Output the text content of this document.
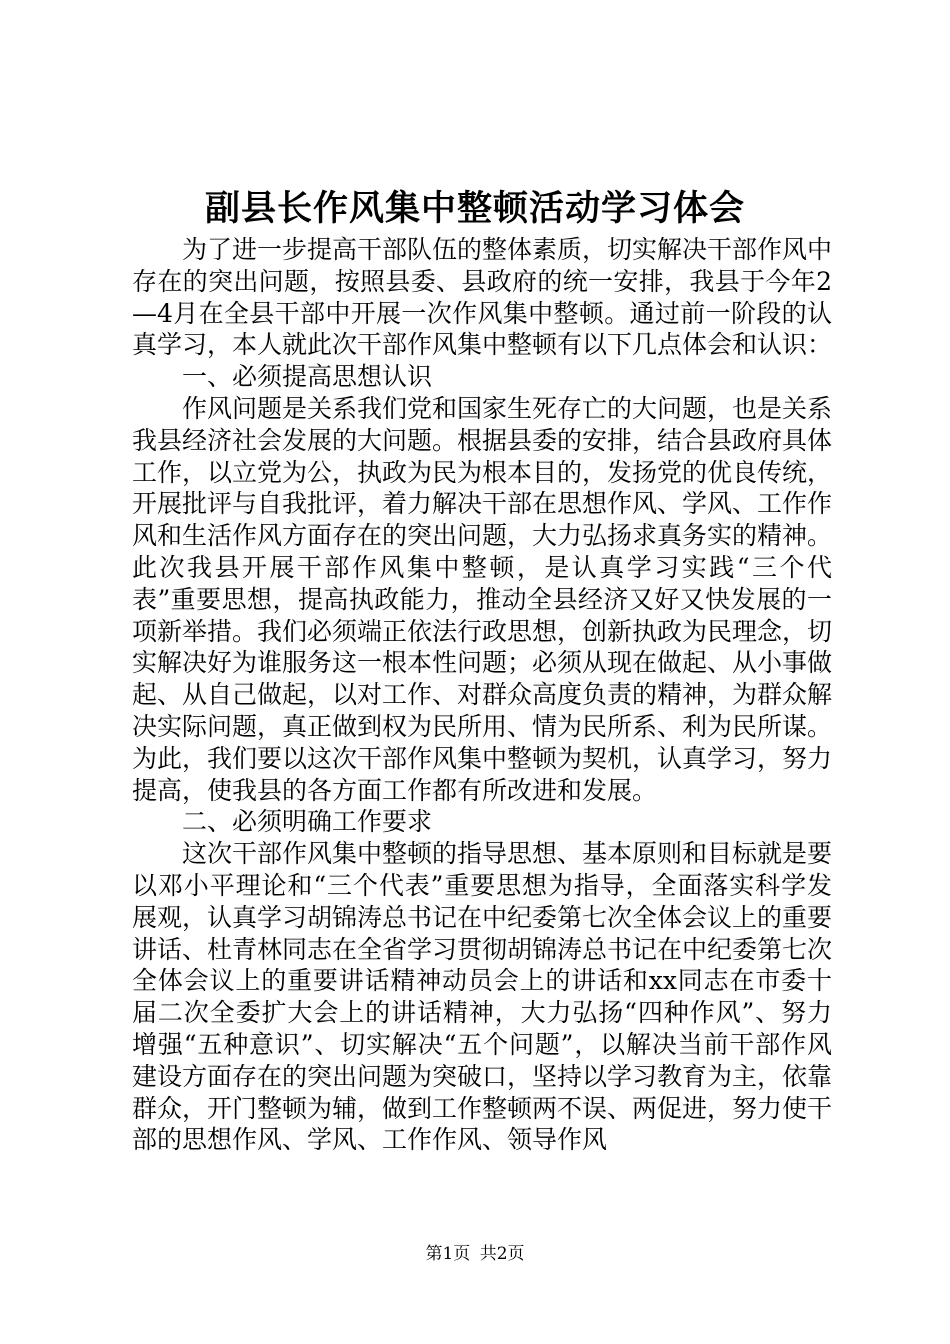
副县长作风集中整顿活动学习体会

为了进一步提高干部队伍的整体素质，切实解决干部作风中存在的突出问题，按照县委、县政府的统一安排，我县于今年2—4月在全县干部中开展一次作风集中整顿。通过前一阶段的认真学习，本人就此次干部作风集中整顿有以下几点体会和认识：

一、必须提高思想认识

作风问题是关系我们党和国家生死存亡的大问题，也是关系我县经济社会发展的大问题。根据县委的安排，结合县政府具体工作，以立党为公，执政为民为根本目的，发扬党的优良传统，开展批评与自我批评，着力解决干部在思想作风、学风、工作作风和生活作风方面存在的突出问题，大力弘扬求真务实的精神。此次我县开展干部作风集中整顿，是认真学习实践“三个代表”重要思想，提高执政能力，推动全县经济又好又快发展的一项新举措。我们必须端正依法行政思想，创新执政为民理念，切实解决好为谁服务这一根本性问题；必须从现在做起、从小事做起、从自己做起，以对工作、对群众高度负责的精神，为群众解决实际问题，真正做到权为民所用、情为民所系、利为民所谋。为此，我们要以这次干部作风集中整顿为契机，认真学习，努力提高，使我县的各方面工作都有所改进和发展。

二、必须明确工作要求

这次干部作风集中整顿的指导思想、基本原则和目标就是要以邓小平理论和“三个代表”重要思想为指导，全面落实科学发展观，认真学习胡锦涛总书记在中纪委第七次全体会议上的重要讲话、杜青林同志在全省学习贯彻胡锦涛总书记在中纪委第七次全体会议上的重要讲话精神动员会上的讲话和xx同志在市委十届二次全委扩大会上的讲话精神，大力弘扬“四种作风”、努力增强“五种意识”、切实解决“五个问题”，以解决当前干部作风建设方面存在的突出问题为突破口，坚持以学习教育为主，依靠群众，开门整顿为辅，做到工作整顿两不误、两促进，努力使干部的思想作风、学风、工作作风、领导作风

第1页 共2页
